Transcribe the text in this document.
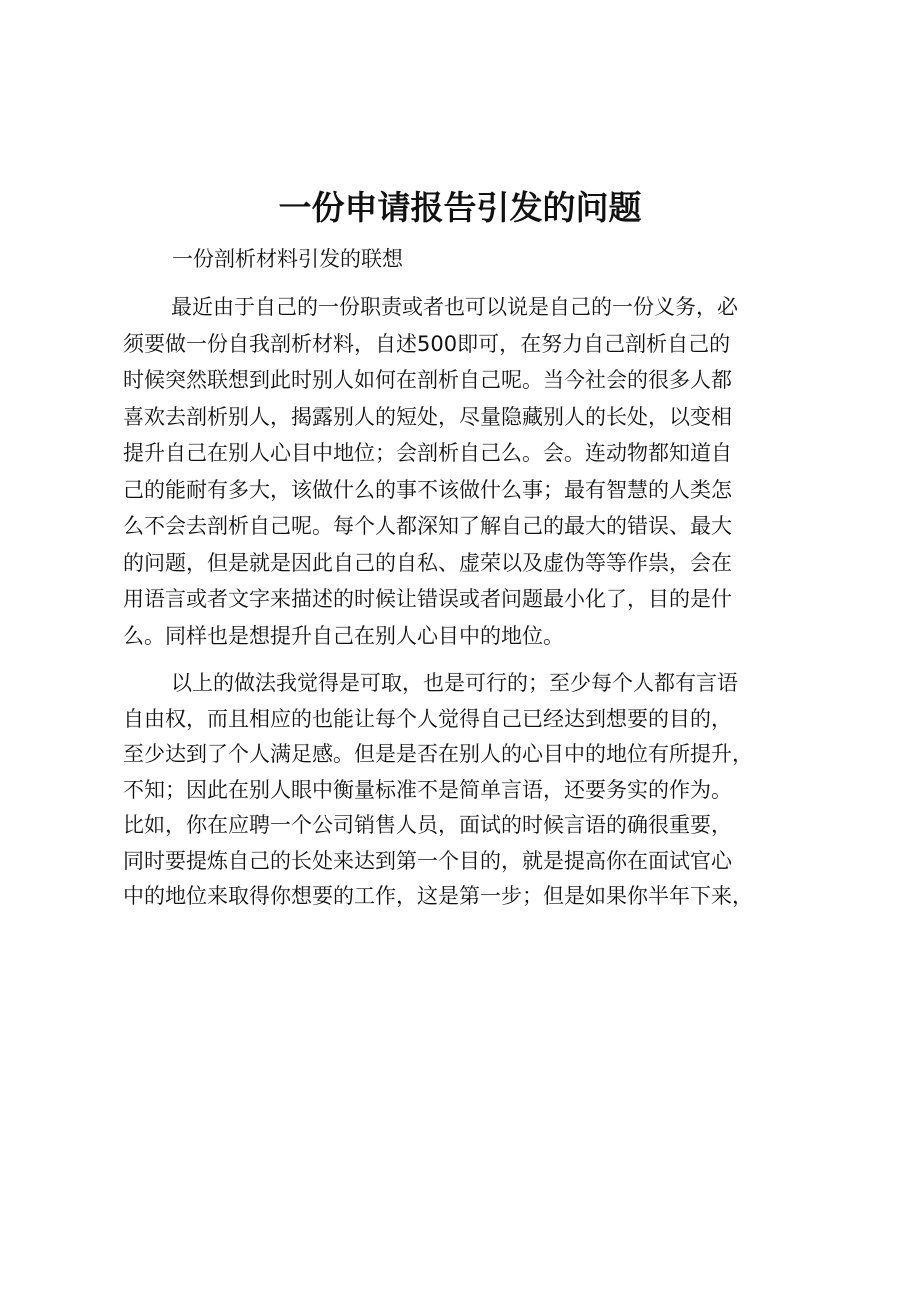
一份申请报告引发的问题

一份剖析材料引发的联想

最近由于自己的一份职责或者也可以说是自己的一份义务，必
须要做一份自我剖析材料，自述500即可，在努力自己剖析自己的
时候突然联想到此时别人如何在剖析自己呢。当今社会的很多人都
喜欢去剖析别人，揭露别人的短处，尽量隐藏别人的长处，以变相
提升自己在别人心目中地位；会剖析自己么。会。连动物都知道自
己的能耐有多大，该做什么的事不该做什么事；最有智慧的人类怎
么不会去剖析自己呢。每个人都深知了解自己的最大的错误、最大
的问题，但是就是因此自己的自私、虚荣以及虚伪等等作祟，会在
用语言或者文字来描述的时候让错误或者问题最小化了，目的是什
么。同样也是想提升自己在别人心目中的地位。
以上的做法我觉得是可取，也是可行的；至少每个人都有言语
自由权，而且相应的也能让每个人觉得自己已经达到想要的目的，
至少达到了个人满足感。但是是否在别人的心目中的地位有所提升，
不知；因此在别人眼中衡量标准不是简单言语，还要务实的作为。
比如，你在应聘一个公司销售人员，面试的时候言语的确很重要，
同时要提炼自己的长处来达到第一个目的，就是提高你在面试官心
中的地位来取得你想要的工作，这是第一步；但是如果你半年下来，
